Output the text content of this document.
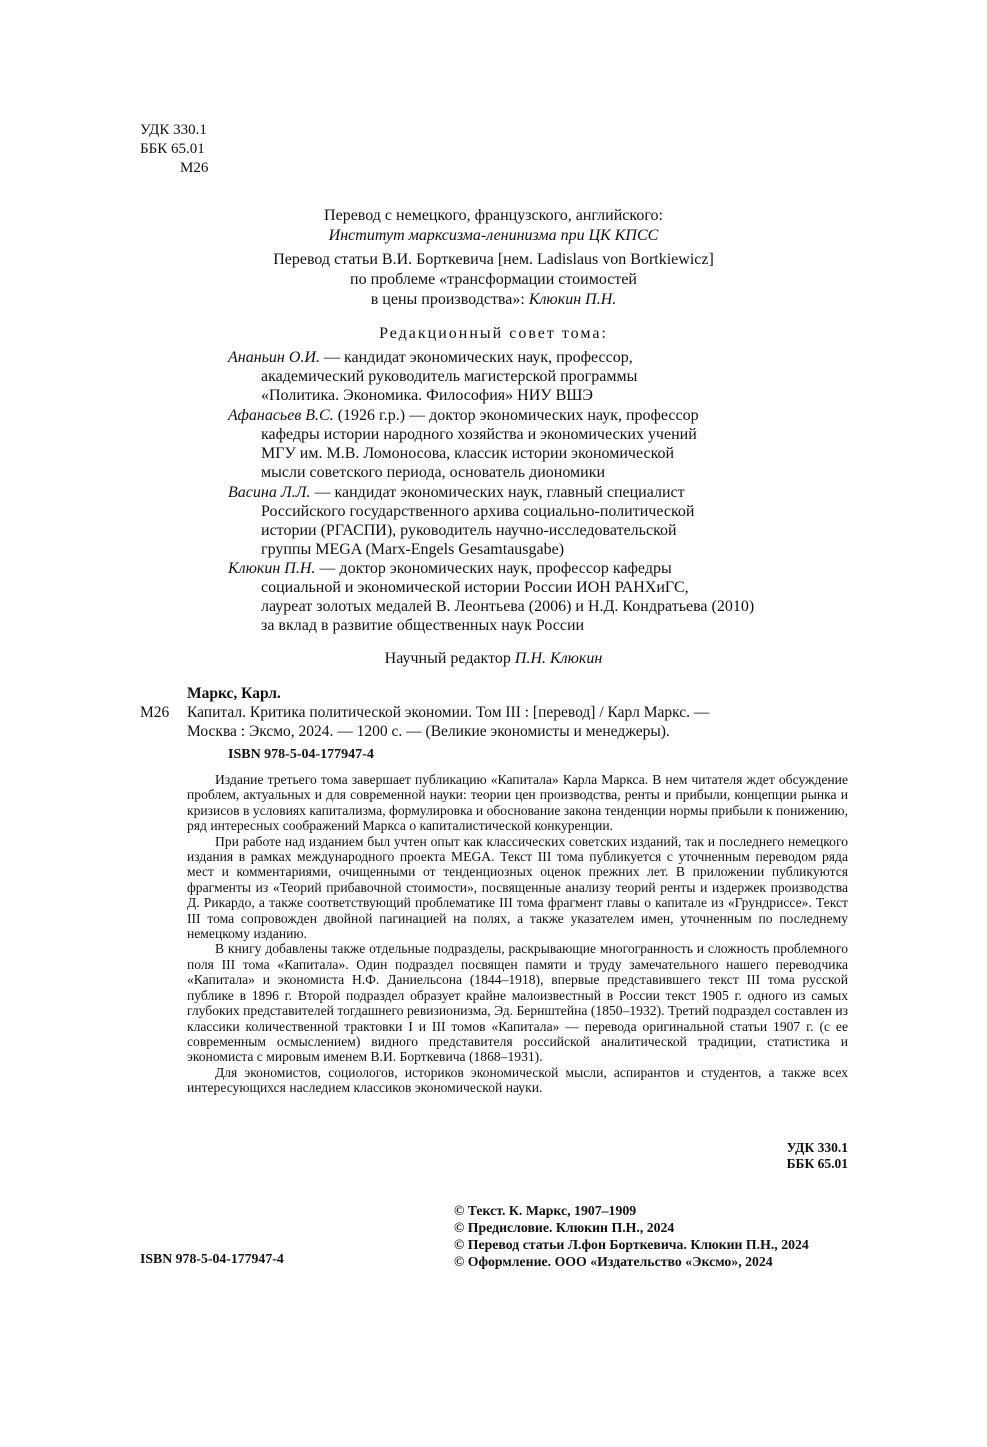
УДК 330.1
ББК 65.01
М26
Перевод с немецкого, французского, английского:
Институт марксизма-ленинизма при ЦК КПСС
Перевод статьи В.И. Борткевича [нем. Ladislaus von Bortkiewicz]
по проблеме «трансформации стоимостей
в цены производства»: Клюкин П.Н.
Редакционный совет тома:
Ананьин О.И. — кандидат экономических наук, профессор,
академический руководитель магистерской программы
«Политика. Экономика. Философия» НИУ ВШЭ
Афанасьев В.С. (1926 г.р.) — доктор экономических наук, профессор
кафедры истории народного хозяйства и экономических учений
МГУ им. М.В. Ломоносова, классик истории экономической
мысли советского периода, основатель диономики
Васина Л.Л. — кандидат экономических наук, главный специалист
Российского государственного архива социально-политической
истории (РГАСПИ), руководитель научно-исследовательской
группы MEGA (Marx-Engels Gesamtausgabe)
Клюкин П.Н. — доктор экономических наук, профессор кафедры
социальной и экономической истории России ИОН РАНХиГС,
лауреат золотых медалей В. Леонтьева (2006) и Н.Д. Кондратьева (2010)
за вклад в развитие общественных наук России
Научный редактор П.Н. Клюкин
Маркс, Карл.
М26 Капитал. Критика политической экономии. Том III : [перевод] / Карл Маркс. —
Москва : Эксмо, 2024. — 1200 с. — (Великие экономисты и менеджеры).
ISBN 978-5-04-177947-4

Издание третьего тома завершает публикацию «Капитала» Карла Маркса. В нем читателя ждет обсуждение проблем, актуальных и для современной науки: теории цен производства, ренты и прибыли, концепции рынка и кризисов в условиях капитализма, формулировка и обоснование закона тенденции нормы прибыли к понижению, ряд интересных соображений Маркса о капиталистической конкуренции.

При работе над изданием был учтен опыт как классических советских изданий, так и последнего немецкого издания в рамках международного проекта MEGA. Текст III тома публикуется с уточненным переводом ряда мест и комментариями, очищенными от тенденциозных оценок прежних лет. В приложении публикуются фрагменты из «Теорий прибавочной стоимости», посвященные анализу теорий ренты и издержек производства Д. Рикардо, а также соответствующий проблематике III тома фрагмент главы о капитале из «Грундриссе». Текст III тома сопровожден двойной пагинацией на полях, а также указателем имен, уточненным по последнему немецкому изданию.

В книгу добавлены также отдельные подразделы, раскрывающие многогранность и сложность проблемного поля III тома «Капитала». Один подраздел посвящен памяти и труду замечательного нашего переводчика «Капитала» и экономиста Н.Ф. Даниельсона (1844–1918), впервые представившего текст III тома русской публике в 1896 г. Второй подраздел образует крайне малоизвестный в России текст 1905 г. одного из самых глубоких представителей тогдашнего ревизионизма, Эд. Бернштейна (1850–1932). Третий подраздел составлен из классики количественной трактовки I и III томов «Капитала» — перевода оригинальной статьи 1907 г. (с ее современным осмыслением) видного представителя российской аналитической традиции, статистика и экономиста с мировым именем В.И. Борткевича (1868–1931).

Для экономистов, социологов, историков экономической мысли, аспирантов и студентов, а также всех интересующихся наследием классиков экономической науки.

УДК 330.1
ББК 65.01
© Текст. К. Маркс, 1907–1909
© Предисловие. Клюкин П.Н., 2024
© Перевод статьи Л.фон Борткевича. Клюкин П.Н., 2024
© Оформление. ООО «Издательство «Эксмо», 2024
ISBN 978-5-04-177947-4
